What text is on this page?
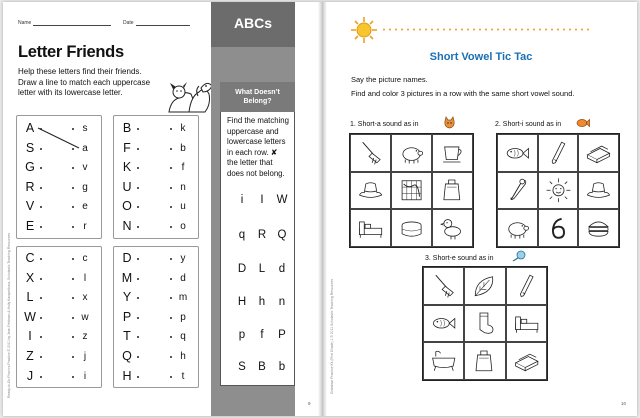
Name	Date
Letter Friends
Help these letters find their friends.
Draw a line to match each uppercase
letter with its lowercase letter.
A
S
G
R
V
E
s
a
v
g
e
r
B
F
K
U
O
N
k
b
f
n
u
o
C
X
L
W
I
Z
J
c
l
x
w
z
j
i
D
M
Y
P
T
Q
H
y
d
m
p
q
h
t
ABCs
What Doesn’t
Belong?
Find the matching
uppercase and
lowercase letters
in each row. ✘
the letter that
does not belong.
i	I	W
q	R Q
D	L	d
H	h	n
p	f	P
S	B	b
9
Ready-to-Go Phonics Practice © 2010 by Jean Feldman & Holly Karapetkova, Scholastic Teaching Resources
Short Vowel Tic Tac
Say the picture names.
Find and color 3 pictures in a row with the same short vowel sound.
1. Short-a sound as in	2. Short-i sound as in
3. Short-e sound as in
10
Grammar Practice Kit (First Grade) 1 © 2011 Scholastic Teaching Resources
